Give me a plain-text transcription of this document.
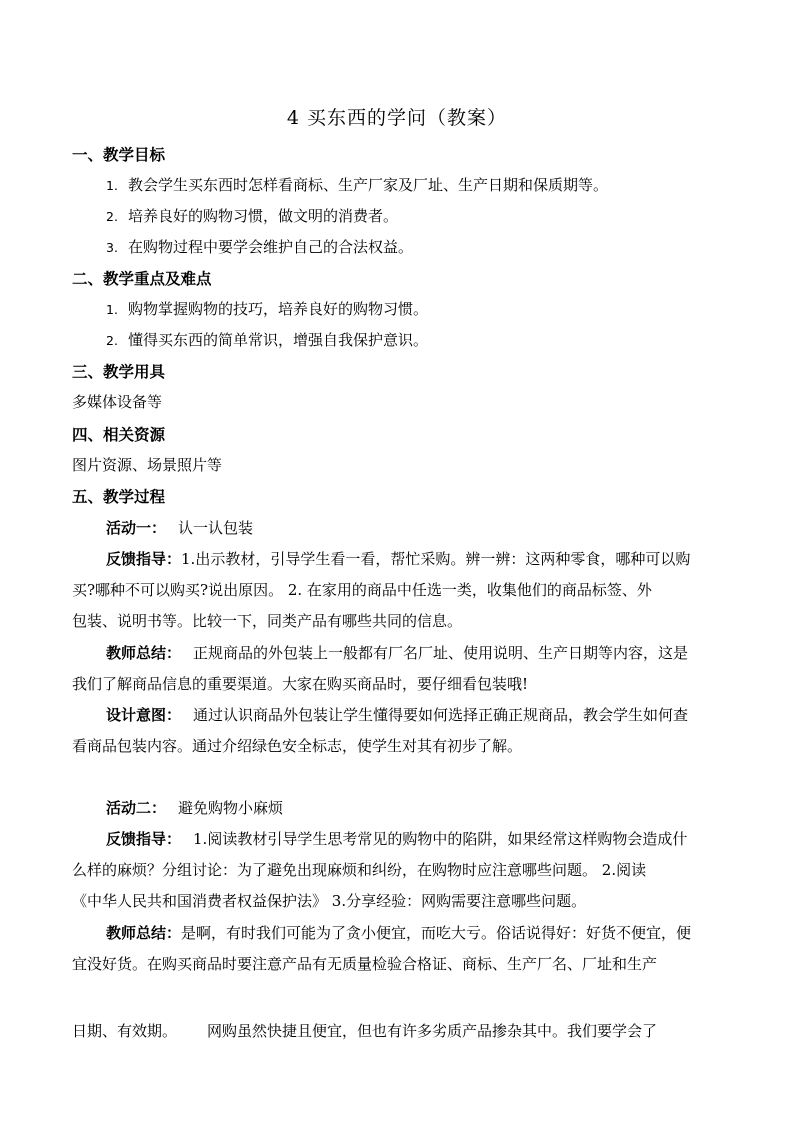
4 买东西的学问（教案）
一、教学目标
1. 教会学生买东西时怎样看商标、生产厂家及厂址、生产日期和保质期等。
2. 培养良好的购物习惯，做文明的消费者。
3. 在购物过程中要学会维护自己的合法权益。
二、教学重点及难点
1. 购物掌握购物的技巧，培养良好的购物习惯。
2. 懂得买东西的简单常识，增强自我保护意识。
三、教学用具
多媒体设备等
四、相关资源
图片资源、场景照片等
五、教学过程
活动一： 认一认包装
反馈指导：1.出示教材，引导学生看一看，帮忙采购。辨一辨：这两种零食，哪种可以购
买?哪种不可以购买?说出原因。 2. 在家用的商品中任选一类，收集他们的商品标签、外
包装、说明书等。比较一下，同类产品有哪些共同的信息。
教师总结： 正规商品的外包装上一般都有厂名厂址、使用说明、生产日期等内容，这是
我们了解商品信息的重要渠道。大家在购买商品时，要仔细看包装哦!
设计意图： 通过认识商品外包装让学生懂得要如何选择正确正规商品，教会学生如何查
看商品包装内容。通过介绍绿色安全标志，使学生对其有初步了解。
活动二： 避免购物小麻烦
反馈指导： 1.阅读教材引导学生思考常见的购物中的陷阱，如果经常这样购物会造成什
么样的麻烦？分组讨论：为了避免出现麻烦和纠纷，在购物时应注意哪些问题。 2.阅读
《中华人民共和国消费者权益保护法》 3.分享经验：网购需要注意哪些问题。
教师总结：是啊，有时我们可能为了贪小便宜，而吃大亏。俗话说得好：好货不便宜，便
宜没好货。在购买商品时要注意产品有无质量检验合格证、商标、生产厂名、厂址和生产
日期、有效期。 网购虽然快捷且便宜，但也有许多劣质产品掺杂其中。我们要学会了
